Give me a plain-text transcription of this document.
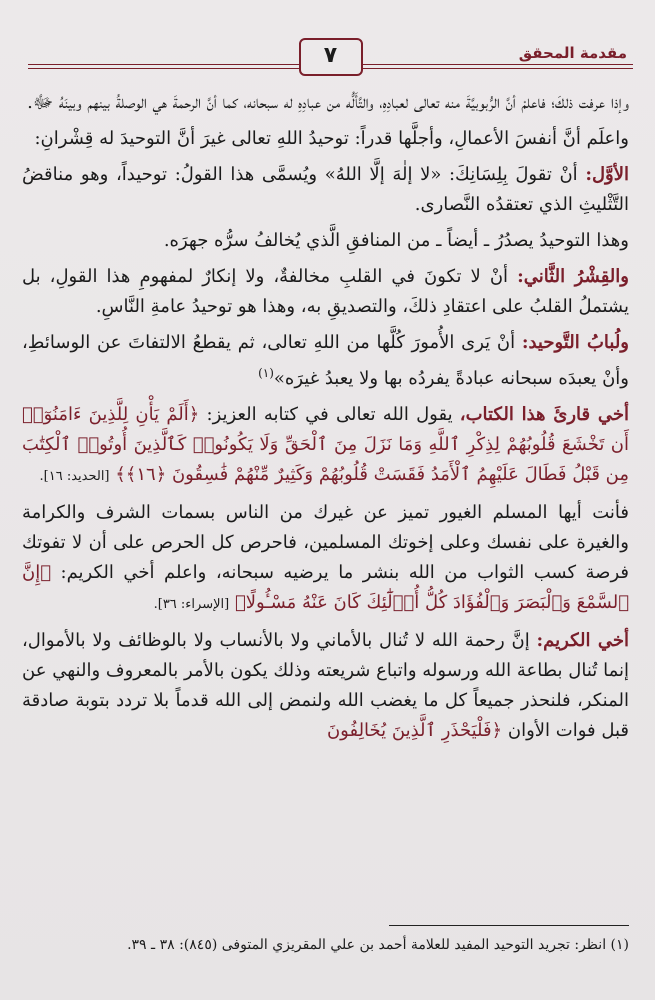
مقدمة المحقق
٧

وإذا عرفت ذلكَ؛ فاعلمْ أنَّ الرُّبوبيَّةَ منه تعالى لعبادِهِ، والتَّأَلُّه من عبادِهِ له سبحانه، كما أنَّ الرحمةَ هي الوصلةُ بينهم وبينَهُ ﷻ.

واعلَم أنَّ أنفسَ الأعمالِ، وأجلَّها قدراً: توحيدُ اللهِ تعالى غيرَ أنَّ التوحيدَ له قِشْرانِ:

الأوَّل: أنْ تقولَ بِلِسَانِكَ: «لا إلٰهَ إلَّا اللهُ» ويُسمَّى هذا القولُ: توحيداً، وهو مناقضُ التَّثْليثِ الذي تعتقدُه النَّصارى.

وهذا التوحيدُ يصدُرُ ـ أيضاً ـ من المنافقِ الَّذي يُخالفُ سرُّه جهرَه.

والقِشْرُ الثَّاني: أنْ لا تكونَ في القلبِ مخالفةٌ، ولا إنكارٌ لمفهومِ هذا القولِ، بل يشتملُ القلبُ على اعتقادِ ذلكَ، والتصديقِ به، وهذا هو توحيدُ عامةِ النَّاسِ.

ولُبابُ التَّوحيد: أنْ يَرى الأُمورَ كُلَّها من اللهِ تعالى، ثم يقطعُ الالتفاتَ عن الوسائطِ، وأنْ يعبدَه سبحانه عبادةً يفردُه بها ولا يعبدُ غيرَه»$^{(١)}$

أخي قارئَ هذا الكتاب، يقول الله تعالى في كتابه العزيز: ﴿أَلَمْ يَأْنِ لِلَّذِينَ ءَامَنُوٓا۟ أَن تَخْشَعَ قُلُوبُهُمْ لِذِكْرِ ٱللَّهِ وَمَا نَزَلَ مِنَ ٱلْحَقِّ وَلَا يَكُونُوا۟ كَٱلَّذِينَ أُوتُوا۟ ٱلْكِتَٰبَ مِن قَبْلُ فَطَالَ عَلَيْهِمُ ٱلْأَمَدُ فَقَسَتْ قُلُوبُهُمْ وَكَثِيرٌ مِّنْهُمْ فَٰسِقُونَ ﴿١٦﴾﴾ [الحديد: ١٦].

فأنت أيها المسلم الغيور تميز عن غيرك من الناس بسمات الشرف والكرامة والغيرة على نفسك وعلى إخوتك المسلمين، فاحرص كل الحرص على أن لا تفوتك فرصة كسب الثواب من الله بنشر ما يرضيه سبحانه، واعلم أخي الكريم: ﴿إِنَّ ٱلسَّمْعَ وَٱلْبَصَرَ وَٱلْفُؤَادَ كُلُّ أُو۟لَٰٓئِكَ كَانَ عَنْهُ مَسْـُٔولًا﴾ [الإسراء: ٣٦].

أخي الكريم: إنَّ رحمة الله لا تُنال بالأماني ولا بالأنساب ولا بالوظائف ولا بالأموال، إنما تُنال بطاعة الله ورسوله واتباع شريعته وذلك يكون بالأمر بالمعروف والنهي عن المنكر، فلنحذر جميعاً كل ما يغضب الله ولنمض إلى الله قدماً بلا تردد بتوبة صادقة قبل فوات الأوان ﴿فَلْيَحْذَرِ ٱلَّذِينَ يُخَالِفُونَ

(١) انظر: تجريد التوحيد المفيد للعلامة أحمد بن علي المقريزي المتوفى (٨٤٥): ٣٨ ـ ٣٩.
